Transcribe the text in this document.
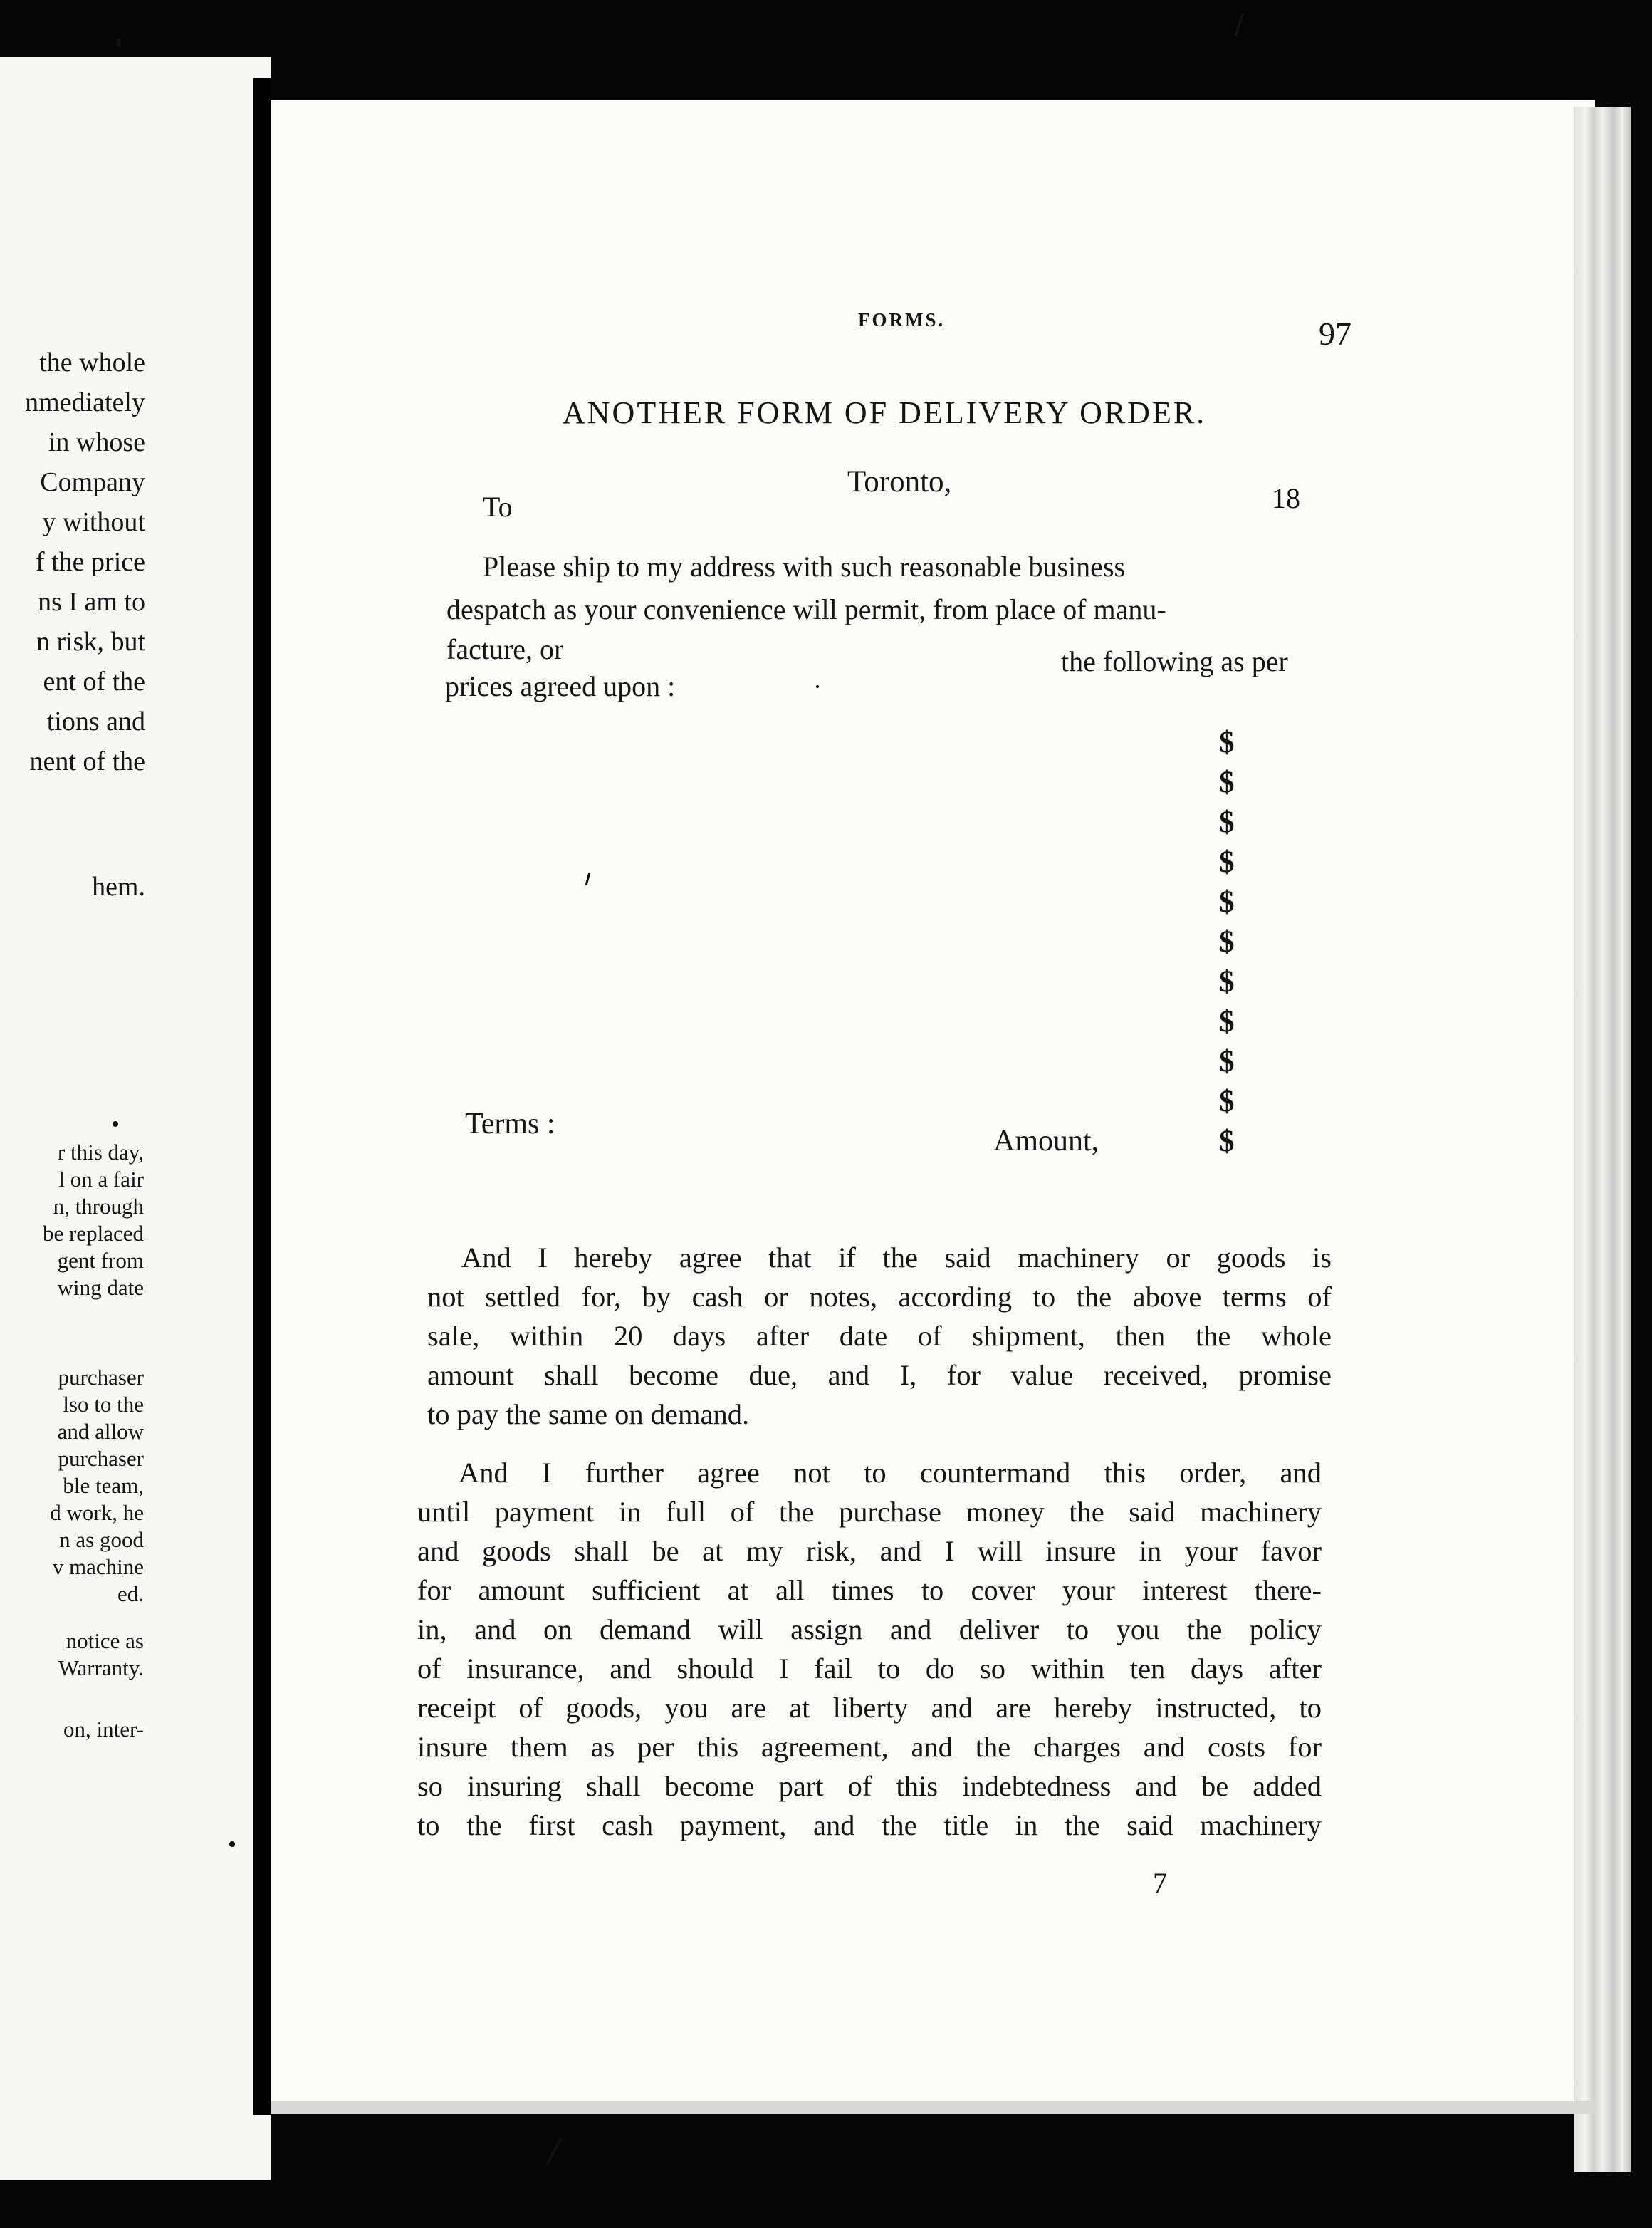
the whole
nmediately
in whose
Company
y without
f the price
ns I am to
n risk, but
ent of the
tions and
nent of the
hem.
r this day,
l on a fair
n, through
be replaced
gent from
wing date
purchaser
lso to the
and allow
purchaser
ble team,
d work, he
n as good
v machine
ed.
notice as
Warranty.
on, inter-
FORMS.	97
ANOTHER FORM OF DELIVERY ORDER.
To
Toronto,	18
Please ship to my address with such reasonable business
despatch as your convenience will permit, from place of manu-
facture, or	the following as per
prices agreed upon :
$
$
$
$
$
$
$
$
$
$
$
Terms :
Amount,
And I hereby agree that if the said machinery or goods is
not settled for, by cash or notes, according to the above terms of
sale, within 20 days after date of shipment, then the whole
amount shall become due, and I, for value received, promise
to pay the same on demand.
And I further agree not to countermand this order, and
until payment in full of the purchase money the said machinery
and goods shall be at my risk, and I will insure in your favor
for amount sufficient at all times to cover your interest there-
in, and on demand will assign and deliver to you the policy
of insurance, and should I fail to do so within ten days after
receipt of goods, you are at liberty and are hereby instructed, to
insure them as per this agreement, and the charges and costs for
so insuring shall become part of this indebtedness and be added
to the first cash payment, and the title in the said machinery
7
